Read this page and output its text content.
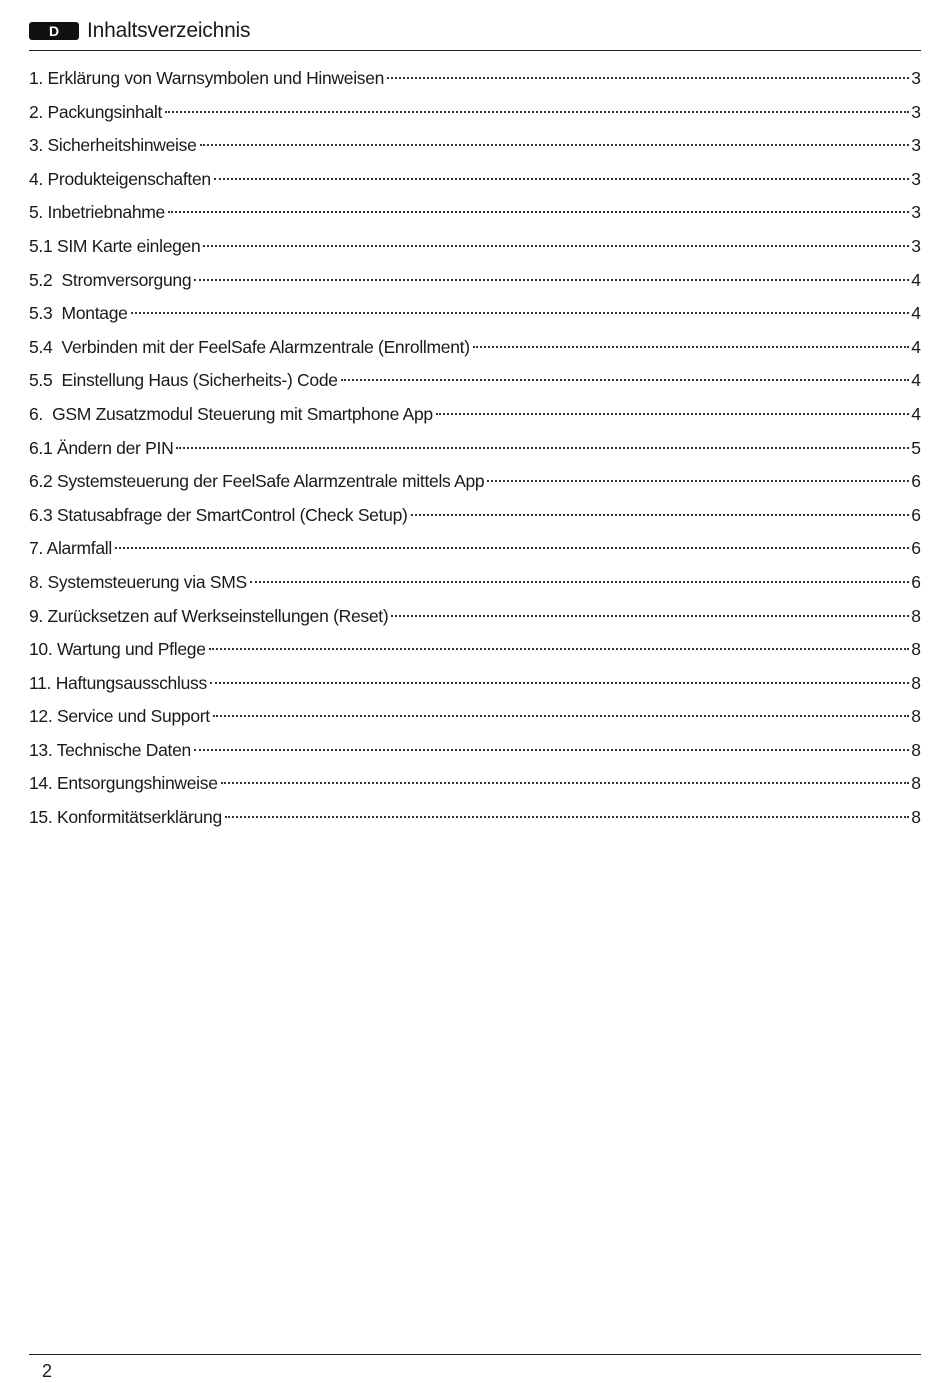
D	Inhaltsverzeichnis
1. Erklärung von Warnsymbolen und Hinweisen	3
2. Packungsinhalt	3
3. Sicherheitshinweise	3
4. Produkteigenschaften	3
5. Inbetriebnahme	3
5.1 SIM Karte einlegen	3
5.2  Stromversorgung	4
5.3  Montage	4
5.4  Verbinden mit der FeelSafe Alarmzentrale (Enrollment)	4
5.5  Einstellung Haus (Sicherheits-) Code	4
6.  GSM Zusatzmodul Steuerung mit Smartphone App	4
6.1 Ändern der PIN	5
6.2 Systemsteuerung der FeelSafe Alarmzentrale mittels App	6
6.3 Statusabfrage der SmartControl (Check Setup)	6
7. Alarmfall	6
8. Systemsteuerung via SMS	6
9. Zurücksetzen auf Werkseinstellungen (Reset)	8
10. Wartung und Pflege	8
11. Haftungsausschluss	8
12. Service und Support	8
13. Technische Daten	8
14. Entsorgungshinweise	8
15. Konformitätserklärung	8
2
